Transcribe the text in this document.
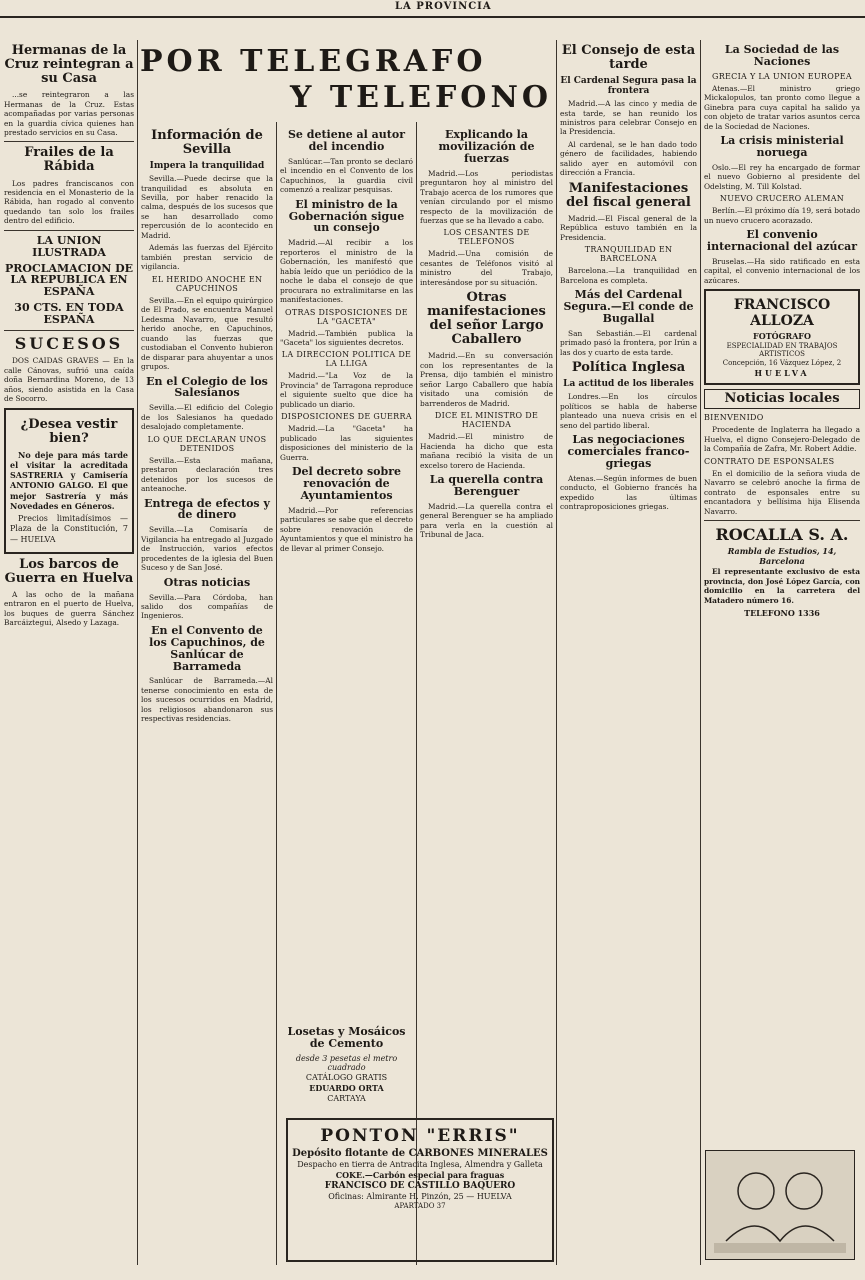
LA PROVINCIA
POR TELEGRAFO
Y TELEFONO
Hermanas de la Cruz reintegran a su Casa

...se reintegraron a las Hermanas de la Cruz. Estas acompañadas por varias personas en la guardia cívica quienes han prestado servicios en su Casa.

Frailes de la Rábida

Los padres franciscanos con residencia en el Monasterio de la Rábida, han rogado al convento quedando tan solo los frailes dentro del edificio.

LA UNION ILUSTRADA
PROCLAMACION DE LA REPUBLICA EN ESPAÑA
30 CTS. EN TODA ESPAÑA
SUCESOS

DOS CAIDAS GRAVES — En la calle Cánovas, sufrió una caída doña Bernardina Moreno, de 13 años, siendo asistida en la Casa de Socorro.

¿Desea vestir bien?

No deje para más tarde el visitar la acreditada SASTRERIA y Camisería ANTONIO GALGO. El que mejor Sastrería y más Novedades en Géneros.

Precios limitadísimos — Plaza de la Constitución, 7 — HUELVA

Los barcos de Guerra en Huelva

A las ocho de la mañana entraron en el puerto de Huelva, los buques de guerra Sánchez Barcáiztegui, Alsedo y Lazaga.

Información de Sevilla
Impera la tranquilidad

Sevilla.—Puede decirse que la tranquilidad es absoluta en Sevilla, por haber renacido la calma, después de los sucesos que se han desarrollado como repercusión de lo acontecido en Madrid.

Además las fuerzas del Ejército también prestan servicio de vigilancia.

EL HERIDO ANOCHE EN CAPUCHINOS

Sevilla.—En el equipo quirúrgico de El Prado, se encuentra Manuel Ledesma Navarro, que resultó herido anoche, en Capuchinos, cuando las fuerzas que custodiaban el Convento hubieron de disparar para ahuyentar a unos grupos.

En el Colegio de los Salesianos

Sevilla.—El edificio del Colegio de los Salesianos ha quedado desalojado completamente.

LO QUE DECLARAN UNOS DETENIDOS

Sevilla.—Esta mañana, prestaron declaración tres detenidos por los sucesos de anteanoche.

Entrega de efectos y de dinero

Sevilla.—La Comisaría de Vigilancia ha entregado al Juzgado de Instrucción, varios efectos procedentes de la iglesia del Buen Suceso y de San José.

Otras noticias

Sevilla.—Para Córdoba, han salido dos compañías de Ingenieros.

En el Convento de los Capuchinos, de Sanlúcar de Barrameda

Sanlúcar de Barrameda.—Al tenerse conocimiento en esta de los sucesos ocurridos en Madrid, los religiosos abandonaron sus respectivas residencias.

Se detiene al autor del incendio

Sanlúcar.—Tan pronto se declaró el incendio en el Convento de los Capuchinos, la guardia civil comenzó a realizar pesquisas.

El ministro de la Gobernación sigue un consejo

Madrid.—Al recibir a los reporteros el ministro de la Gobernación, les manifestó que había leído que un periódico de la noche le daba el consejo de que procurara no extralimitarse en las manifestaciones.

OTRAS DISPOSICIONES DE LA "GACETA"

Madrid.—También publica la "Gaceta" los siguientes decretos.

LA DIRECCION POLITICA DE LA LLIGA

Madrid.—"La Voz de la Provincia" de Tarragona reproduce el siguiente suelto que dice ha publicado un diario.

DISPOSICIONES DE GUERRA

Madrid.—La "Gaceta" ha publicado las siguientes disposiciones del ministerio de la Guerra.

Del decreto sobre renovación de Ayuntamientos

Madrid.—Por referencias particulares se sabe que el decreto sobre renovación de Ayuntamientos y que el ministro ha de llevar al primer Consejo.

Losetas y Mosáicos de Cemento
desde 3 pesetas el metro cuadrado
CATÁLOGO GRATIS
EDUARDO ORTA
CARTAYA
Explicando la movilización de fuerzas

Madrid.—Los periodistas preguntaron hoy al ministro del Trabajo acerca de los rumores que venían circulando por el mismo respecto de la movilización de fuerzas que se ha llevado a cabo.

LOS CESANTES DE TELEFONOS

Madrid.—Una comisión de cesantes de Teléfonos visitó al ministro del Trabajo, interesándose por su situación.

Otras manifestaciones del señor Largo Caballero

Madrid.—En su conversación con los representantes de la Prensa, dijo también el ministro señor Largo Caballero que había visitado una comisión de barrenderos de Madrid.

DICE EL MINISTRO DE HACIENDA

Madrid.—El ministro de Hacienda ha dicho que esta mañana recibió la visita de un excelso torero de Hacienda.

La querella contra Berenguer

Madrid.—La querella contra el general Berenguer se ha ampliado para verla en la cuestión al Tribunal de Jaca.

PONTON "ERRIS"
Depósito flotante de CARBONES MINERALES
Despacho en tierra de Antracita Inglesa, Almendra y Galleta
COKE.—Carbón especial para fraguas
FRANCISCO DE CASTILLO BAQUERO
Oficinas: Almirante H. Pinzón, 25 — HUELVA
APARTADO 37
El Consejo de esta tarde
El Cardenal Segura pasa la frontera

Madrid.—A las cinco y media de esta tarde, se han reunido los ministros para celebrar Consejo en la Presidencia.

Al cardenal, se le han dado todo género de facilidades, habiendo salido ayer en automóvil con dirección a Francia.

Manifestaciones del fiscal general

Madrid.—El Fiscal general de la República estuvo también en la Presidencia.

TRANQUILIDAD EN BARCELONA

Barcelona.—La tranquilidad en Barcelona es completa.

Más del Cardenal Segura.—El conde de Bugallal

San Sebastián.—El cardenal primado pasó la frontera, por Irún a las dos y cuarto de esta tarde.

Política Inglesa
La actitud de los liberales

Londres.—En los círculos políticos se habla de haberse planteado una nueva crisis en el seno del partido liberal.

Las negociaciones comerciales franco-griegas

Atenas.—Según informes de buen conducto, el Gobierno francés ha expedido las últimas contraproposiciones griegas.

La Sociedad de las Naciones
GRECIA Y LA UNION EUROPEA

Atenas.—El ministro griego Mickalopulos, tan pronto como llegue a Ginebra para cuya capital ha salido ya con objeto de tratar varios asuntos cerca de la Sociedad de Naciones.

La crisis ministerial noruega

Oslo.—El rey ha encargado de formar el nuevo Gobierno al presidente del Odelsting, M. Till Kolstad.

NUEVO CRUCERO ALEMAN

Berlín.—El próximo día 19, será botado un nuevo crucero acorazado.

El convenio internacional del azúcar

Bruselas.—Ha sido ratificado en esta capital, el convenio internacional de los azúcares.

FRANCISCO ALLOZA
FOTÓGRAFO
ESPECIALIDAD EN TRABAJOS ARTISTICOS
Concepción, 16 Vázquez López, 2
HUELVA
Noticias locales
BIENVENIDO

Procedente de Inglaterra ha llegado a Huelva, el digno Consejero-Delegado de la Compañía de Zafra, Mr. Robert Addie.

CONTRATO DE ESPONSALES

En el domicilio de la señora viuda de Navarro se celebró anoche la firma de contrato de esponsales entre su encantadora y bellísima hija Elisenda Navarro.

ROCALLA S. A.
Rambla de Estudios, 14, Barcelona

El representante exclusivo de esta provincia, don José López García, con domicilio en la carretera del Matadero número 16.

TELEFONO 1336
